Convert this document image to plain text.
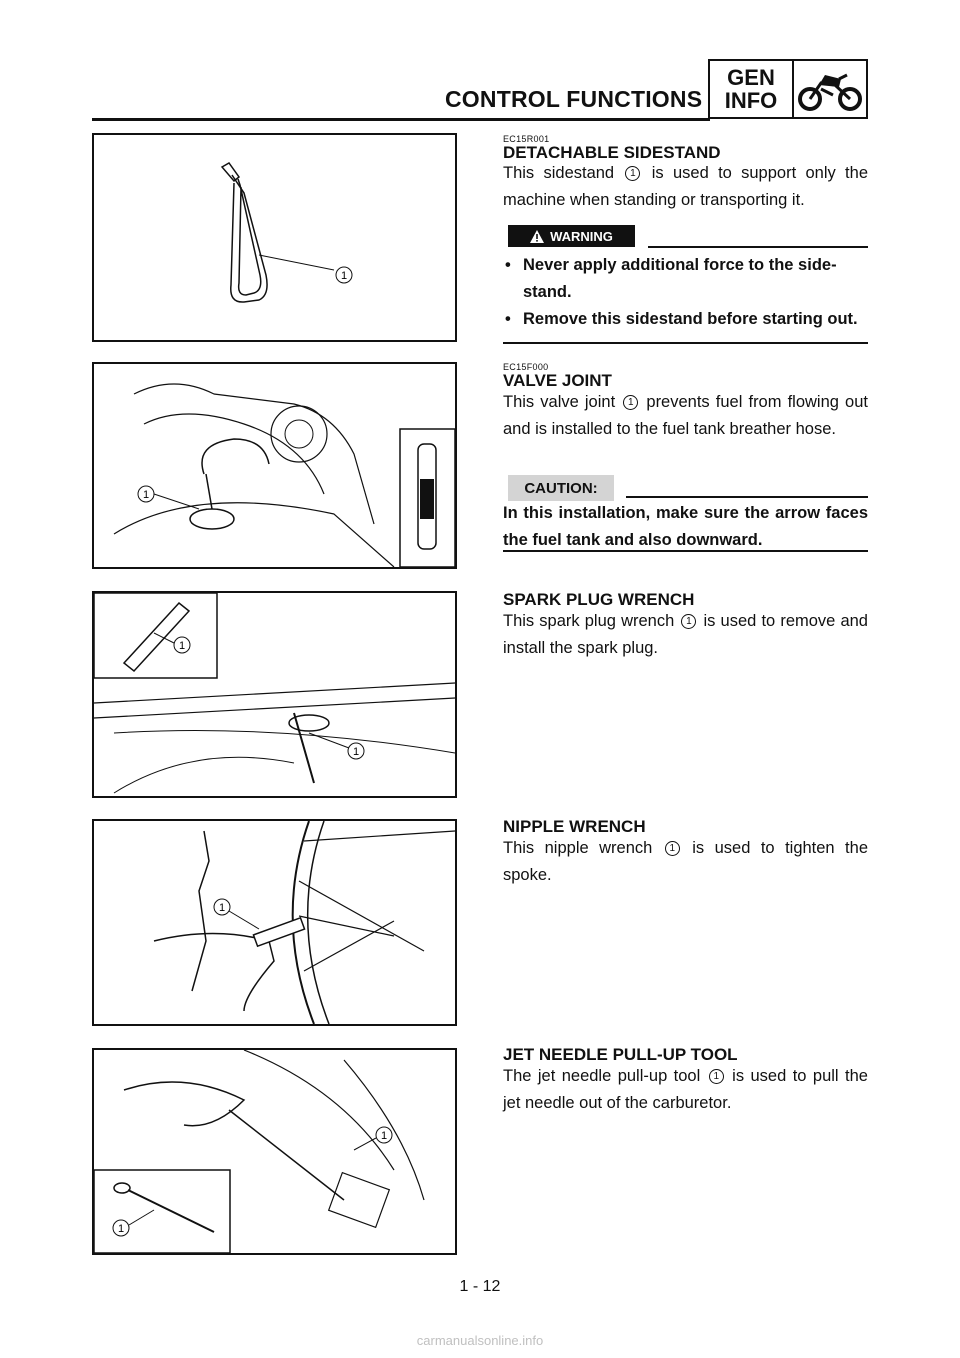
CONTROL FUNCTIONS
GEN
INFO
1
EC15R001
DETACHABLE SIDESTAND
This sidestand 1 is used to support only the machine when standing or transporting it.
WARNING
• Never apply additional force to the side-stand.
• Remove this sidestand before starting out.
1	TANK
EC15F000
VALVE JOINT
This valve joint 1 prevents fuel from flowing out and is installed to the fuel tank breather hose.
CAUTION:
In this installation, make sure the arrow faces the fuel tank and also downward.
1
1
SPARK PLUG WRENCH
This spark plug wrench 1 is used to remove and install the spark plug.
1
NIPPLE WRENCH
This nipple wrench 1 is used to tighten the spoke.
1
1
JET NEEDLE PULL-UP TOOL
The jet needle pull-up tool 1 is used to pull the jet needle out of the carburetor.
1 - 12
carmanualsonline.info
